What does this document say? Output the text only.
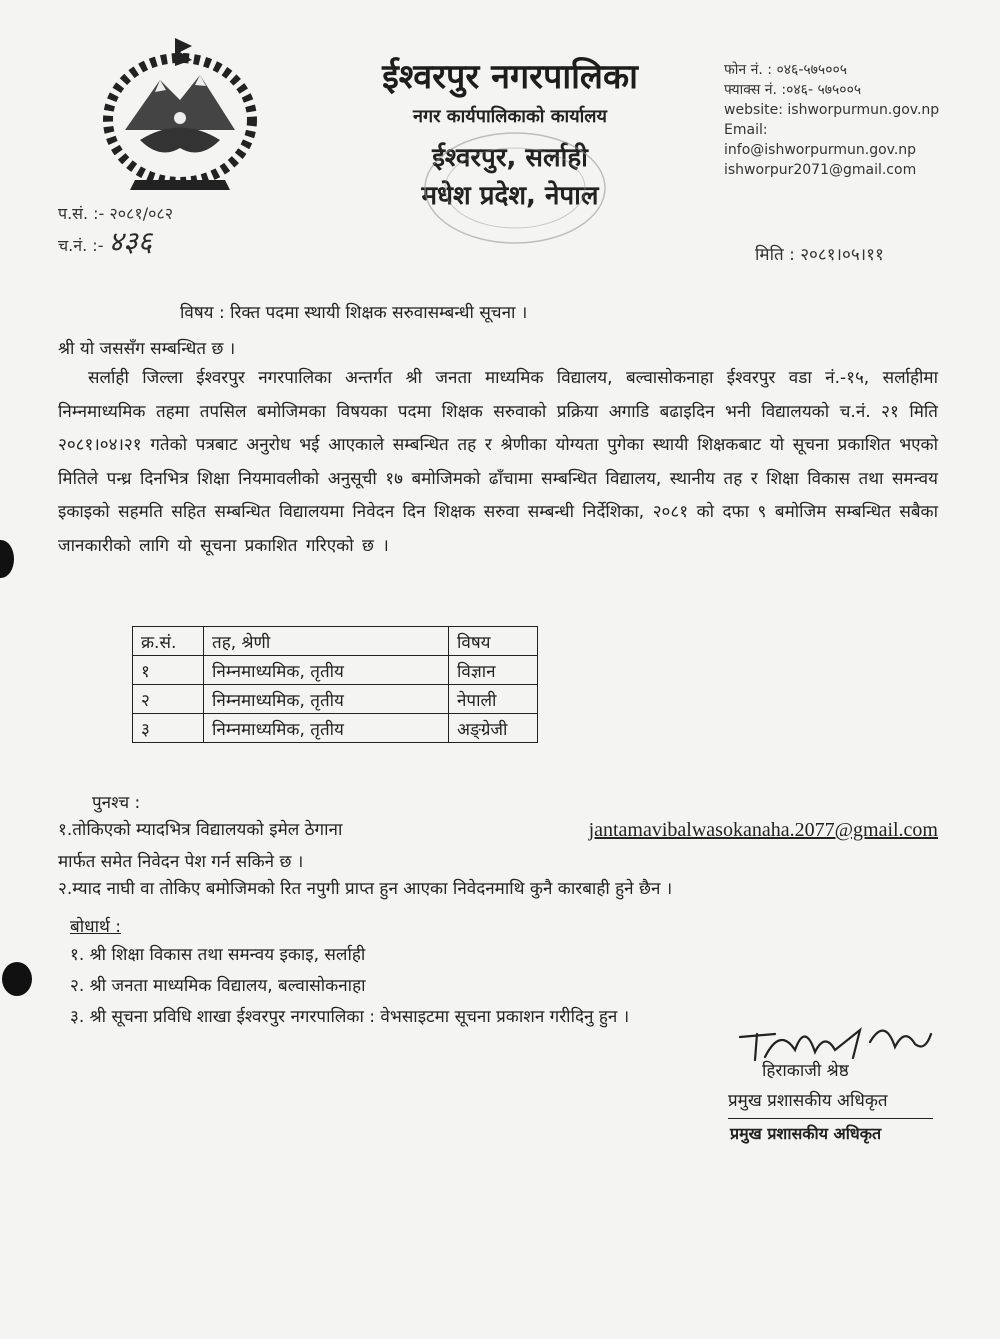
ईश्वरपुर नगरपालिका
नगर कार्यपालिकाको कार्यालय
ईश्वरपुर, सर्लाही
मधेश प्रदेश, नेपाल
फोन नं. : ०४६-५७५००५
फ्याक्स नं. :०४६- ५७५००५
website: ishworpurmun.gov.np
Email:
info@ishworpurmun.gov.np
ishworpur2071@gmail.com
प.सं. :- २०८१/०८२
च.नं. :- ४३६	मिति : २०८१।०५।११
विषय : रिक्त पदमा स्थायी शिक्षक सरुवासम्बन्धी सूचना ।
श्री यो जससँग सम्बन्धित छ ।
सर्लाही जिल्ला ईश्वरपुर नगरपालिका अन्तर्गत श्री जनता माध्यमिक विद्यालय, बल्वासोकनाहा ईश्वरपुर वडा नं.-१५, सर्लाहीमा निम्नमाध्यमिक तहमा तपसिल बमोजिमका विषयका पदमा शिक्षक सरुवाको प्रक्रिया अगाडि बढाइदिन भनी विद्यालयको च.नं. २१ मिति २०८१।०४।२१ गतेको पत्रबाट अनुरोध भई आएकाले सम्बन्धित तह र श्रेणीका योग्यता पुगेका स्थायी शिक्षकबाट यो सूचना प्रकाशित भएको मितिले पन्ध्र दिनभित्र शिक्षा नियमावलीको अनुसूची १७ बमोजिमको ढाँचामा सम्बन्धित विद्यालय, स्थानीय तह र शिक्षा विकास तथा समन्वय इकाइको सहमति सहित सम्बन्धित विद्यालयमा निवेदन दिन शिक्षक सरुवा सम्बन्धी निर्देशिका, २०८१ को दफा ९ बमोजिम सम्बन्धित सबैका जानकारीको लागि यो सूचना प्रकाशित गरिएको छ ।
क्र.सं.	तह, श्रेणी	विषय
१	निम्नमाध्यमिक, तृतीय	विज्ञान
२	निम्नमाध्यमिक, तृतीय	नेपाली
३	निम्नमाध्यमिक, तृतीय	अङ्ग्रेजी
पुनश्च :
jantamavibalwasokanaha.2077@gmail.com
१.तोकिएको म्यादभित्र विद्यालयको इमेल ठेगाना
मार्फत समेत निवेदन पेश गर्न सकिने छ ।
२.म्याद नाघी वा तोकिए बमोजिमको रित नपुगी प्राप्त हुन आएका निवेदनमाथि कुनै कारबाही हुने छैन ।
बोधार्थ :
१. श्री शिक्षा विकास तथा समन्वय इकाइ, सर्लाही
२. श्री जनता माध्यमिक विद्यालय, बल्वासोकनाहा
३. श्री सूचना प्रविधि शाखा ईश्वरपुर नगरपालिका : वेभसाइटमा सूचना प्रकाशन गरीदिनु हुन ।
हिराकाजी श्रेष्ठ
प्रमुख प्रशासकीय अधिकृत
प्रमुख प्रशासकीय अधिकृत
